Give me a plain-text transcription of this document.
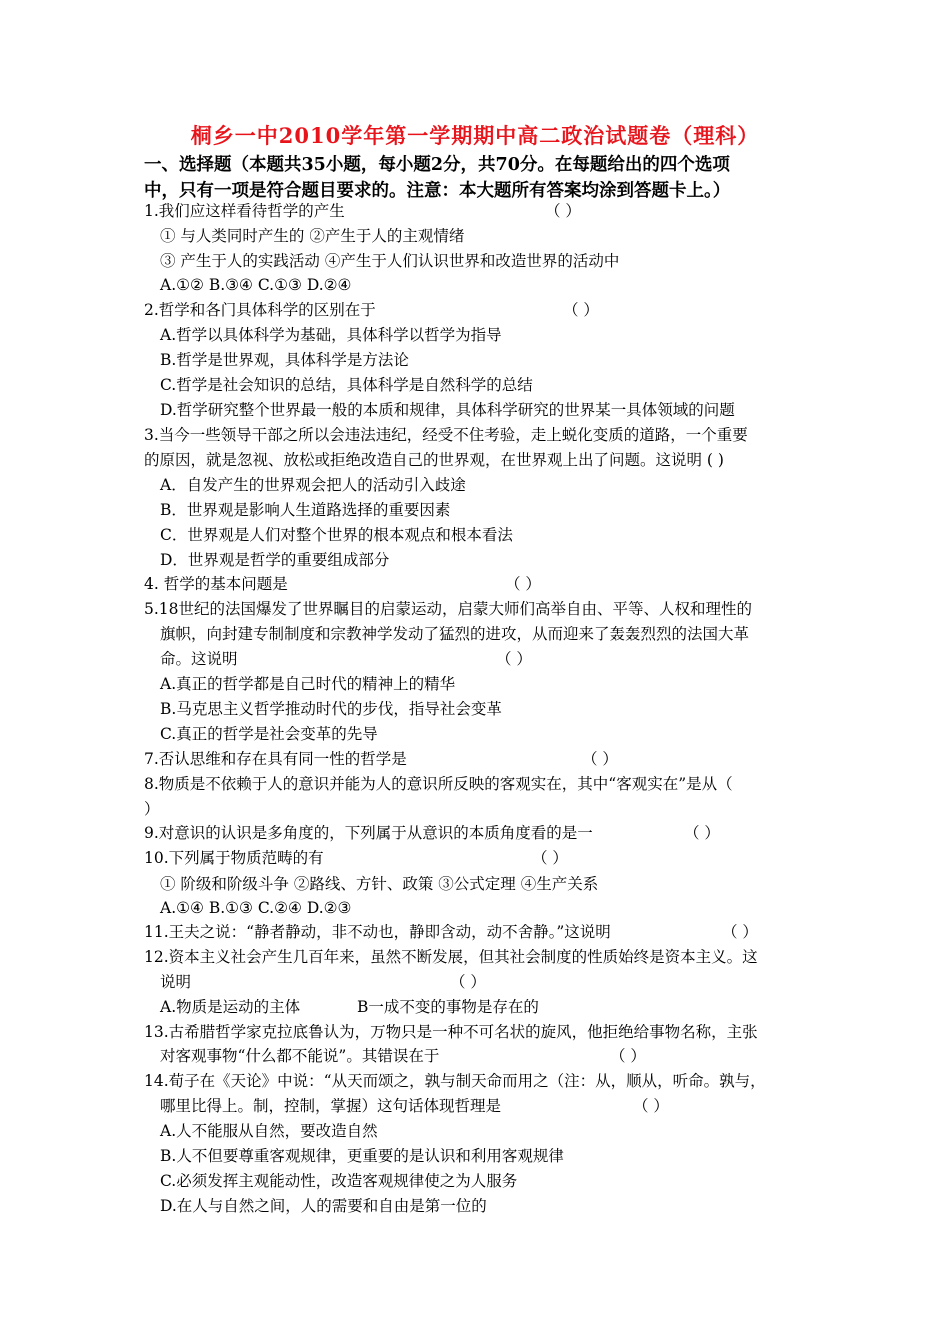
桐乡一中2010学年第一学期期中高二政治试题卷（理科）
一、选择题（本题共35小题，每小题2分，共70分。在每题给出的四个选项
中，只有一项是符合题目要求的。注意：本大题所有答案均涂到答题卡上。）
1.我们应这样看待哲学的产生	（ ）
① 与人类同时产生的 ②产生于人的主观情绪
③ 产生于人的实践活动 ④产生于人们认识世界和改造世界的活动中
A.①② B.③④ C.①③ D.②④
2.哲学和各门具体科学的区别在于	（ ）
A.哲学以具体科学为基础，具体科学以哲学为指导
B.哲学是世界观，具体科学是方法论
C.哲学是社会知识的总结，具体科学是自然科学的总结
D.哲学研究整个世界最一般的本质和规律，具体科学研究的世界某一具体领域的问题
3.当今一些领导干部之所以会违法违纪，经受不住考验，走上蜕化变质的道路，一个重要
的原因，就是忽视、放松或拒绝改造自己的世界观，在世界观上出了问题。这说明 ( )
A．自发产生的世界观会把人的活动引入歧途
B．世界观是影响人生道路选择的重要因素
C．世界观是人们对整个世界的根本观点和根本看法
D．世界观是哲学的重要组成部分
4. 哲学的基本问题是	（ ）
5.18世纪的法国爆发了世界瞩目的启蒙运动，启蒙大师们高举自由、平等、人权和理性的
旗帜，向封建专制制度和宗教神学发动了猛烈的进攻，从而迎来了轰轰烈烈的法国大革
命。这说明	（ ）
A.真正的哲学都是自己时代的精神上的精华
B.马克思主义哲学推动时代的步伐，指导社会变革
C.真正的哲学是社会变革的先导
7.否认思维和存在具有同一性的哲学是	（ ）
8.物质是不依赖于人的意识并能为人的意识所反映的客观实在，其中“客观实在”是从（
）
9.对意识的认识是多角度的，下列属于从意识的本质角度看的是一	（ ）
10.下列属于物质范畴的有	（ ）
① 阶级和阶级斗争 ②路线、方针、政策 ③公式定理 ④生产关系
A.①④ B.①③ C.②④ D.②③
11.王夫之说：“静者静动，非不动也，静即含动，动不舍静。”这说明	（ ）
12.资本主义社会产生几百年来，虽然不断发展，但其社会制度的性质始终是资本主义。这
说明	（ ）
A.物质是运动的主体	B一成不变的事物是存在的
13.古希腊哲学家克拉底鲁认为，万物只是一种不可名状的旋风，他拒绝给事物名称，主张
对客观事物“什么都不能说”。其错误在于	（ ）
14.荀子在《天论》中说：“从天而颂之，孰与制天命而用之（注：从，顺从，听命。孰与，
哪里比得上。制，控制，掌握）这句话体现哲理是	（ ）
A.人不能服从自然，要改造自然
B.人不但要尊重客观规律，更重要的是认识和利用客观规律
C.必须发挥主观能动性，改造客观规律使之为人服务
D.在人与自然之间，人的需要和自由是第一位的
